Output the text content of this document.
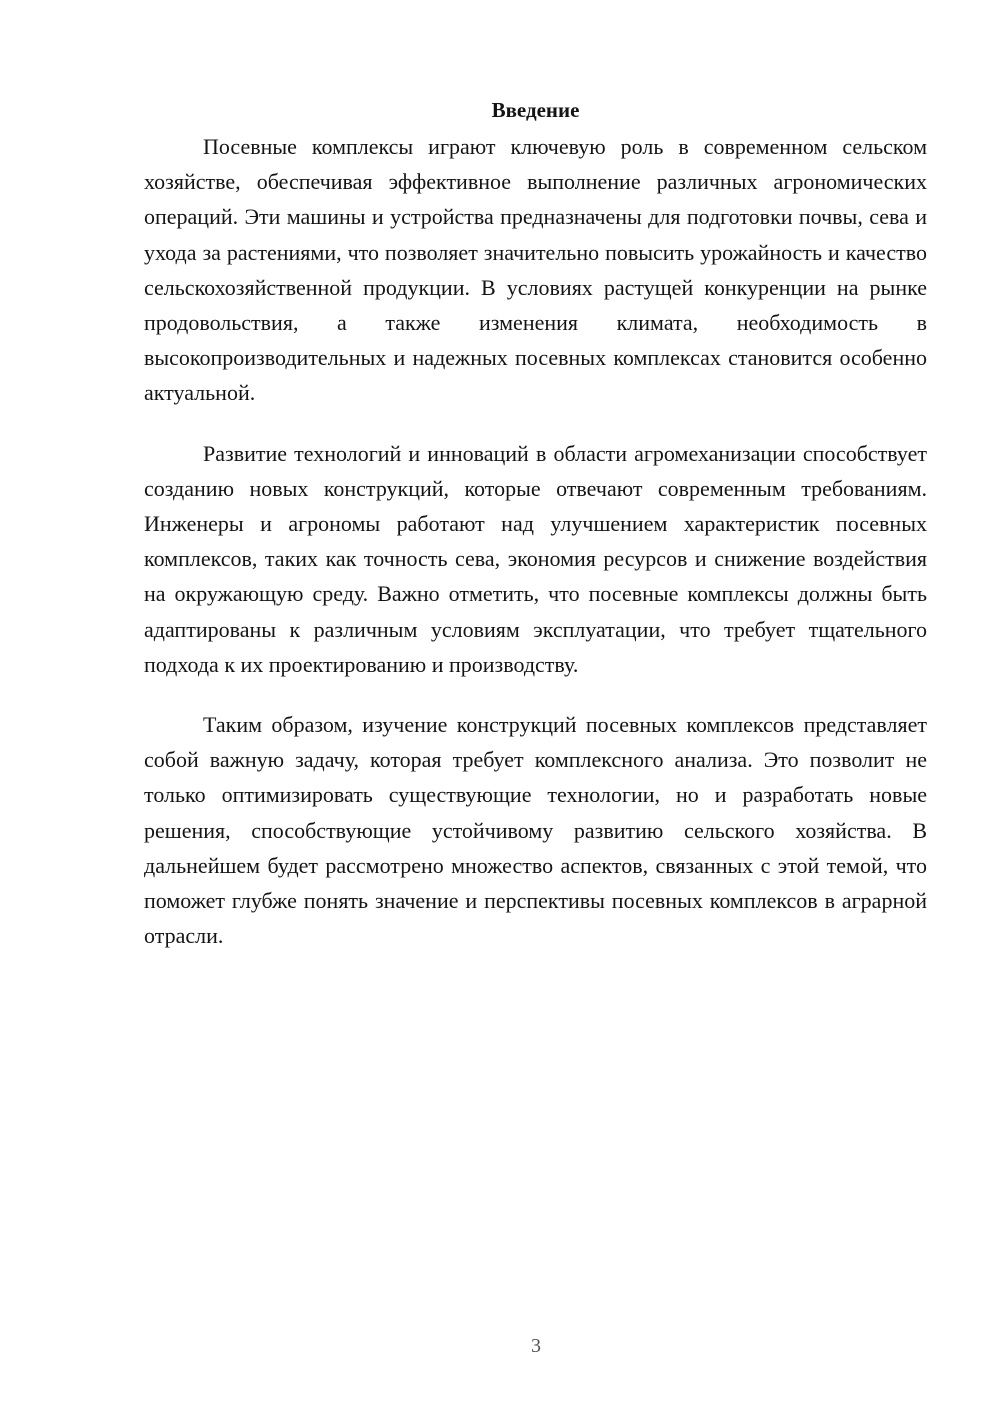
Введение

Посевные комплексы играют ключевую роль в современном сельском хозяйстве, обеспечивая эффективное выполнение различных агрономических операций. Эти машины и устройства предназначены для подготовки почвы, сева и ухода за растениями, что позволяет значительно повысить урожайность и качество сельскохозяйственной продукции. В условиях растущей конкуренции на рынке продовольствия, а также изменения климата, необходимость в высокопроизводительных и надежных посевных комплексах становится особенно актуальной.

Развитие технологий и инноваций в области агромеханизации способствует созданию новых конструкций, которые отвечают современным требованиям. Инженеры и агрономы работают над улучшением характеристик посевных комплексов, таких как точность сева, экономия ресурсов и снижение воздействия на окружающую среду. Важно отметить, что посевные комплексы должны быть адаптированы к различным условиям эксплуатации, что требует тщательного подхода к их проектированию и производству.

Таким образом, изучение конструкций посевных комплексов представляет собой важную задачу, которая требует комплексного анализа. Это позволит не только оптимизировать существующие технологии, но и разработать новые решения, способствующие устойчивому развитию сельского хозяйства. В дальнейшем будет рассмотрено множество аспектов, связанных с этой темой, что поможет глубже понять значение и перспективы посевных комплексов в аграрной отрасли.

3
